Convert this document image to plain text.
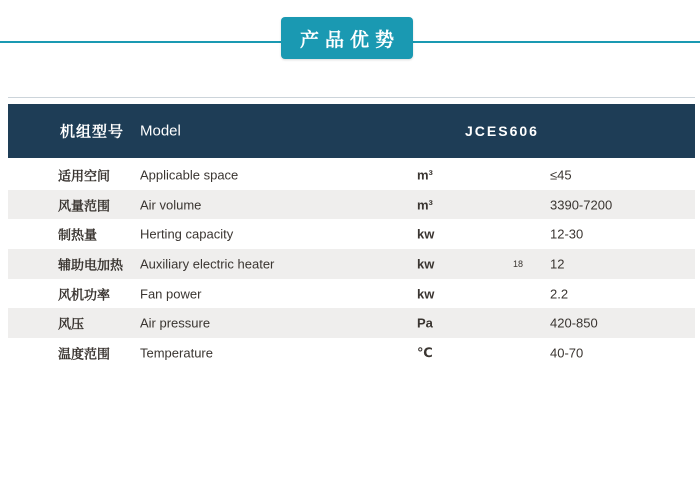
产品优势
机组型号 Model	JCES606
适用空间 Applicable space	m³	≤45
风量范围 Air volume	m³	3390-7200
制热量	Herting capacity	kw	12-30
辅助电加热 Auxiliary electric heater	kw	18 12
风机功率 Fan power	kw	2.2
风压	Air pressure	Pa	420-850
温度范围 Temperature	℃	40-70
